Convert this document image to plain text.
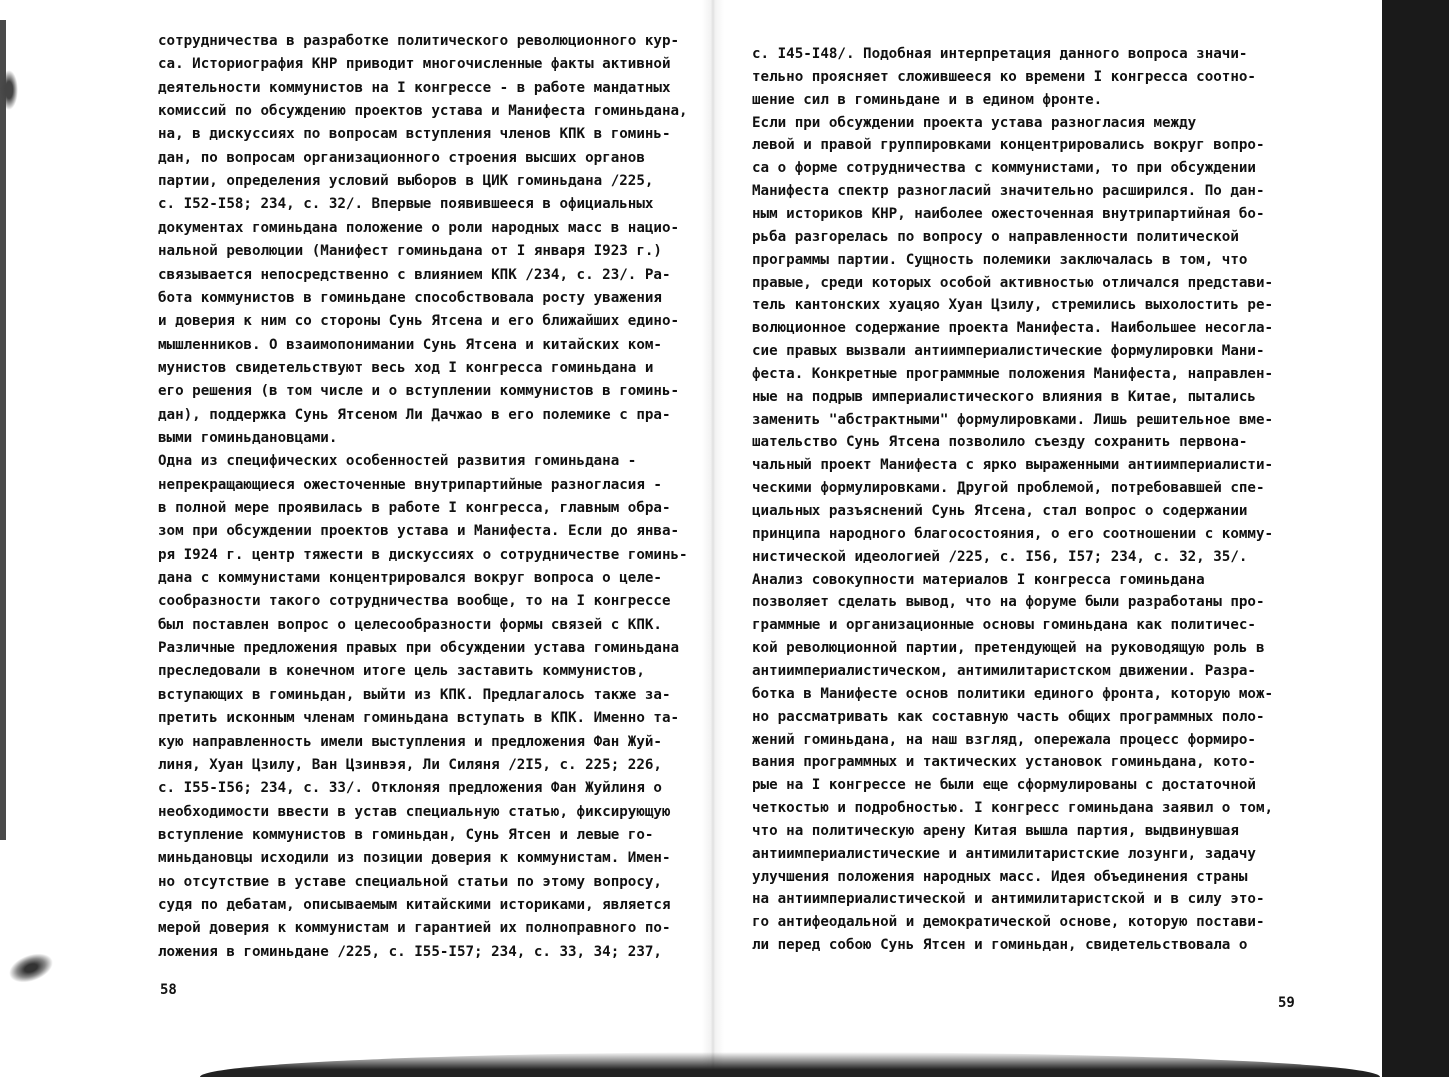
сотрудничества в разработке политического революционного кур-
са. Историография КНР приводит многочисленные факты активной
деятельности коммунистов на I конгрессе - в работе мандатных
комиссий по обсуждению проектов устава и Манифеста гоминьдана,
на, в дискуссиях по вопросам вступления членов КПК в гоминь-
дан, по вопросам организационного строения высших органов
партии, определения условий выборов в ЦИК гоминьдана /225,
с. I52-I58; 234, с. 32/. Впервые появившееся в официальных
документах гоминьдана положение о роли народных масс в нацио-
нальной революции (Манифест гоминьдана от I января I923 г.)
связывается непосредственно с влиянием КПК /234, с. 23/. Ра-
бота коммунистов в гоминьдане способствовала росту уважения
и доверия к ним со стороны Сунь Ятсена и его ближайших едино-
мышленников. О взаимопонимании Сунь Ятсена и китайских ком-
мунистов свидетельствуют весь ход I конгресса гоминьдана и
его решения (в том числе и о вступлении коммунистов в гоминь-
дан), поддержка Сунь Ятсеном Ли Дачжао в его полемике с пра-
выми гоминьдановцами.
Одна из специфических особенностей развития гоминьдана -
непрекращающиеся ожесточенные внутрипартийные разногласия -
в полной мере проявилась в работе I конгресса, главным обра-
зом при обсуждении проектов устава и Манифеста. Если до янва-
ря I924 г. центр тяжести в дискуссиях о сотрудничестве гоминь-
дана с коммунистами концентрировался вокруг вопроса о целе-
сообразности такого сотрудничества вообще, то на I конгрессе
был поставлен вопрос о целесообразности формы связей с КПК.
Различные предложения правых при обсуждении устава гоминьдана
преследовали в конечном итоге цель заставить коммунистов,
вступающих в гоминьдан, выйти из КПК. Предлагалось также за-
претить исконным членам гоминьдана вступать в КПК. Именно та-
кую направленность имели выступления и предложения Фан Жуй-
линя, Хуан Цзилу, Ван Цзинвэя, Ли Силяня /2I5, с. 225; 226,
с. I55-I56; 234, с. 33/. Отклоняя предложения Фан Жуйлиня о
необходимости ввести в устав специальную статью, фиксирующую
вступление коммунистов в гоминьдан, Сунь Ятсен и левые го-
миньдановцы исходили из позиции доверия к коммунистам. Имен-
но отсутствие в уставе специальной статьи по этому вопросу,
судя по дебатам, описываемым китайскими историками, является
мерой доверия к коммунистам и гарантией их полноправного по-
ложения в гоминьдане /225, с. I55-I57; 234, с. 33, 34; 237,
с. I45-I48/. Подобная интерпретация данного вопроса значи-
тельно проясняет сложившееся ко времени I конгресса соотно-
шение сил в гоминьдане и в едином фронте.
Если при обсуждении проекта устава разногласия между
левой и правой группировками концентрировались вокруг вопро-
са о форме сотрудничества с коммунистами, то при обсуждении
Манифеста спектр разногласий значительно расширился. По дан-
ным историков КНР, наиболее ожесточенная внутрипартийная бо-
рьба разгорелась по вопросу о направленности политической
программы партии. Сущность полемики заключалась в том, что
правые, среди которых особой активностью отличался представи-
тель кантонских хуацяо Хуан Цзилу, стремились выхолостить ре-
волюционное содержание проекта Манифеста. Наибольшее несогла-
сие правых вызвали антиимпериалистические формулировки Мани-
феста. Конкретные программные положения Манифеста, направлен-
ные на подрыв империалистического влияния в Китае, пытались
заменить "абстрактными" формулировками. Лишь решительное вме-
шательство Сунь Ятсена позволило съезду сохранить первона-
чальный проект Манифеста с ярко выраженными антиимпериалисти-
ческими формулировками. Другой проблемой, потребовавшей спе-
циальных разъяснений Сунь Ятсена, стал вопрос о содержании
принципа народного благосостояния, о его соотношении с комму-
нистической идеологией /225, с. I56, I57; 234, с. 32, 35/.
Анализ совокупности материалов I конгресса гоминьдана
позволяет сделать вывод, что на форуме были разработаны про-
граммные и организационные основы гоминьдана как политичес-
кой революционной партии, претендующей на руководящую роль в
антиимпериалистическом, антимилитаристском движении. Разра-
ботка в Манифесте основ политики единого фронта, которую мож-
но рассматривать как составную часть общих программных поло-
жений гоминьдана, на наш взгляд, опережала процесс формиро-
вания программных и тактических установок гоминьдана, кото-
рые на I конгрессе не были еще сформулированы с достаточной
четкостью и подробностью. I конгресс гоминьдана заявил о том,
что на политическую арену Китая вышла партия, выдвинувшая
антиимпериалистические и антимилитаристские лозунги, задачу
улучшения положения народных масс. Идея объединения страны
на антиимпериалистической и антимилитаристской и в силу это-
го антифеодальной и демократической основе, которую постави-
ли перед собою Сунь Ятсен и гоминьдан, свидетельствовала о
58
59
